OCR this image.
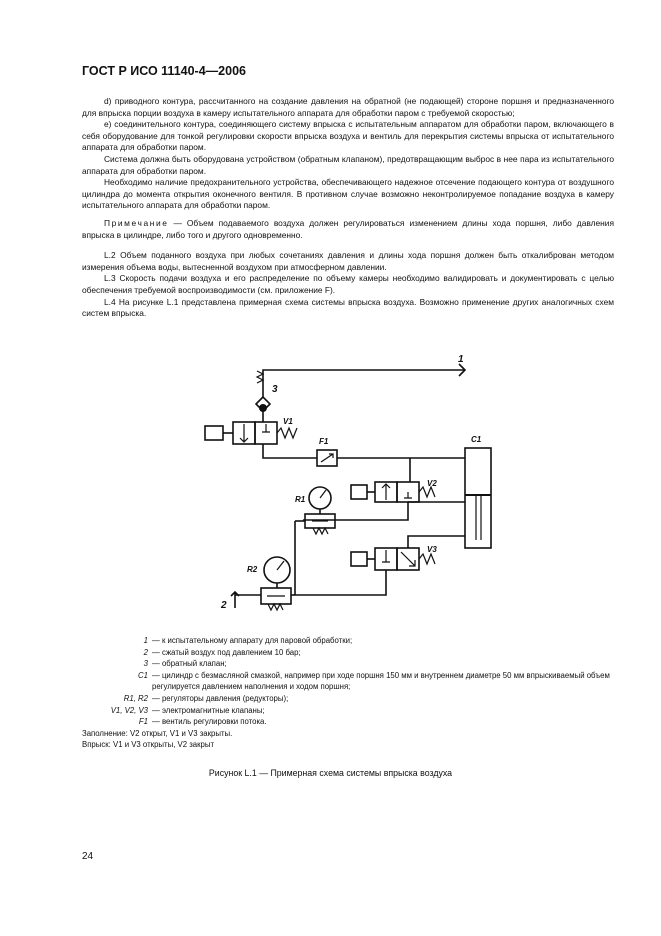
ГОСТ Р ИСО 11140-4—2006

d) приводного контура, рассчитанного на создание давления на обратной (не подающей) стороне поршня и предназначенного для впрыска порции воздуха в камеру испытательного аппарата для обработки паром с требуемой скоростью;

e) соединительного контура, соединяющего систему впрыска с испытательным аппаратом для обработки паром, включающего в себя оборудование для тонкой регулировки скорости впрыска воздуха и вентиль для перекрытия системы впрыска от испытательного аппарата для обработки паром.

Система должна быть оборудована устройством (обратным клапаном), предотвращающим выброс в нее пара из испытательного аппарата для обработки паром.

Необходимо наличие предохранительного устройства, обеспечивающего надежное отсечение подающего контура от воздушного цилиндра до момента открытия оконечного вентиля. В противном случае возможно неконтролируемое попадание воздуха в камеру испытательного аппарата для обработки паром.

Примечание — Объем подаваемого воздуха должен регулироваться изменением длины хода поршня, либо давления впрыска в цилиндре, либо того и другого одновременно.

L.2 Объем поданного воздуха при любых сочетаниях давления и длины хода поршня должен быть откалиброван методом измерения объема воды, вытесненной воздухом при атмосферном давлении.

L.3 Скорость подачи воздуха и его распределение по объему камеры необходимо валидировать и документировать с целью обеспечения требуемой воспроизводимости (см. приложение F).

L.4 На рисунке L.1 представлена примерная схема системы впрыска воздуха. Возможно применение других аналогичных схем систем впрыска.

1
3
V1
F1	C1
V2
R1
V3
R2
2
1 — к испытательному аппарату для паровой обработки;
2 — сжатый воздух под давлением 10 бар;
3 — обратный клапан;
C1 — цилиндр с безмасляной смазкой, например при ходе поршня 150 мм и внутреннем диаметре 50 мм впрыскиваемый объем регулируется давлением наполнения и ходом поршня;
R1, R2 — регуляторы давления (редукторы);
V1, V2, V3 — электромагнитные клапаны;
F1 — вентиль регулировки потока.
Заполнение: V2 открыт, V1 и V3 закрыты.
Впрыск: V1 и V3 открыты, V2 закрыт
Рисунок L.1 — Примерная схема системы впрыска воздуха
24
